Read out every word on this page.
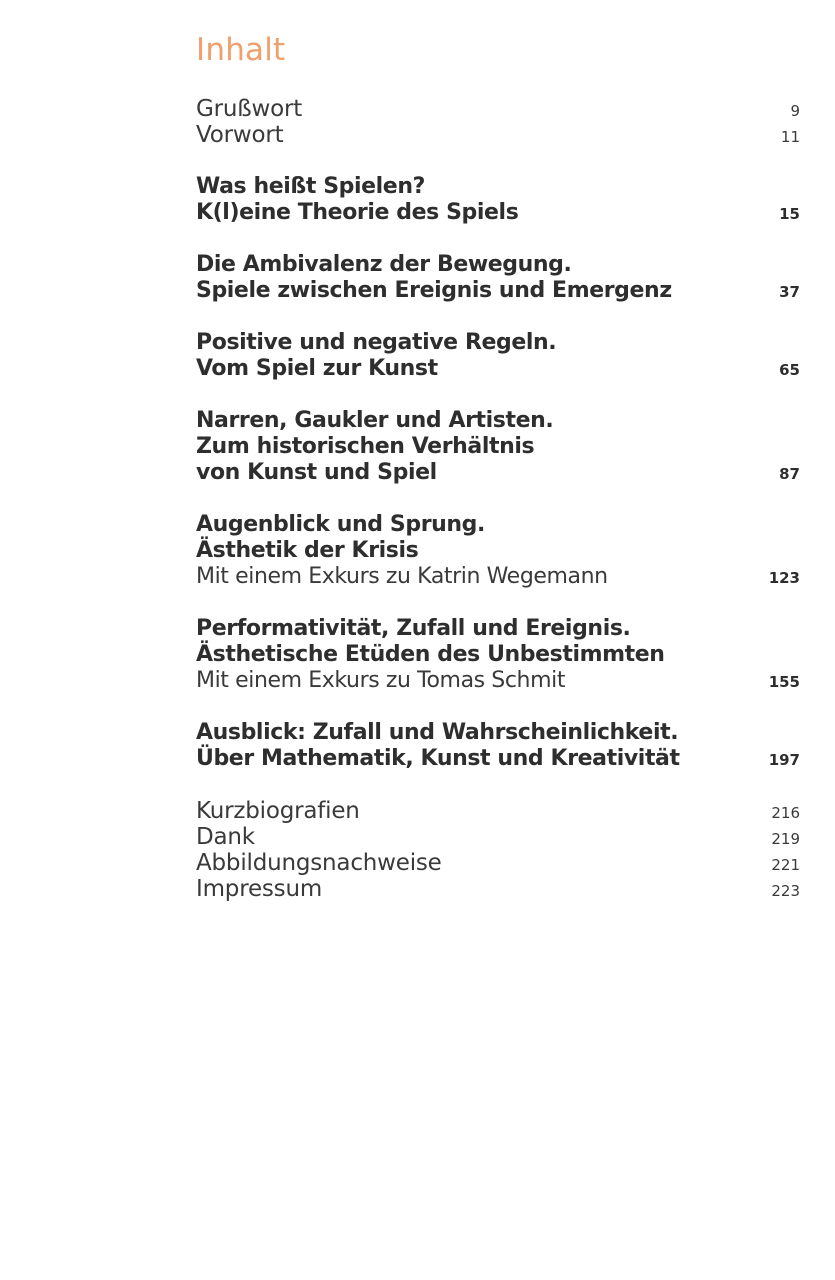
Inhalt
Grußwort	9
Vorwort	11
Was heißt Spielen?
K(l)eine Theorie des Spiels	15
Die Ambivalenz der Bewegung.
Spiele zwischen Ereignis und Emergenz	37
Positive und negative Regeln.
Vom Spiel zur Kunst	65
Narren, Gaukler und Artisten.
Zum historischen Verhältnis
von Kunst und Spiel	87
Augenblick und Sprung.
Ästhetik der Krisis
Mit einem Exkurs zu Katrin Wegemann	123
Performativität, Zufall und Ereignis.
Ästhetische Etüden des Unbestimmten
Mit einem Exkurs zu Tomas Schmit	155
Ausblick: Zufall und Wahrscheinlichkeit.
Über Mathematik, Kunst und Kreativität	197
Kurzbiografien	216
Dank	219
Abbildungsnachweise	221
Impressum	223
